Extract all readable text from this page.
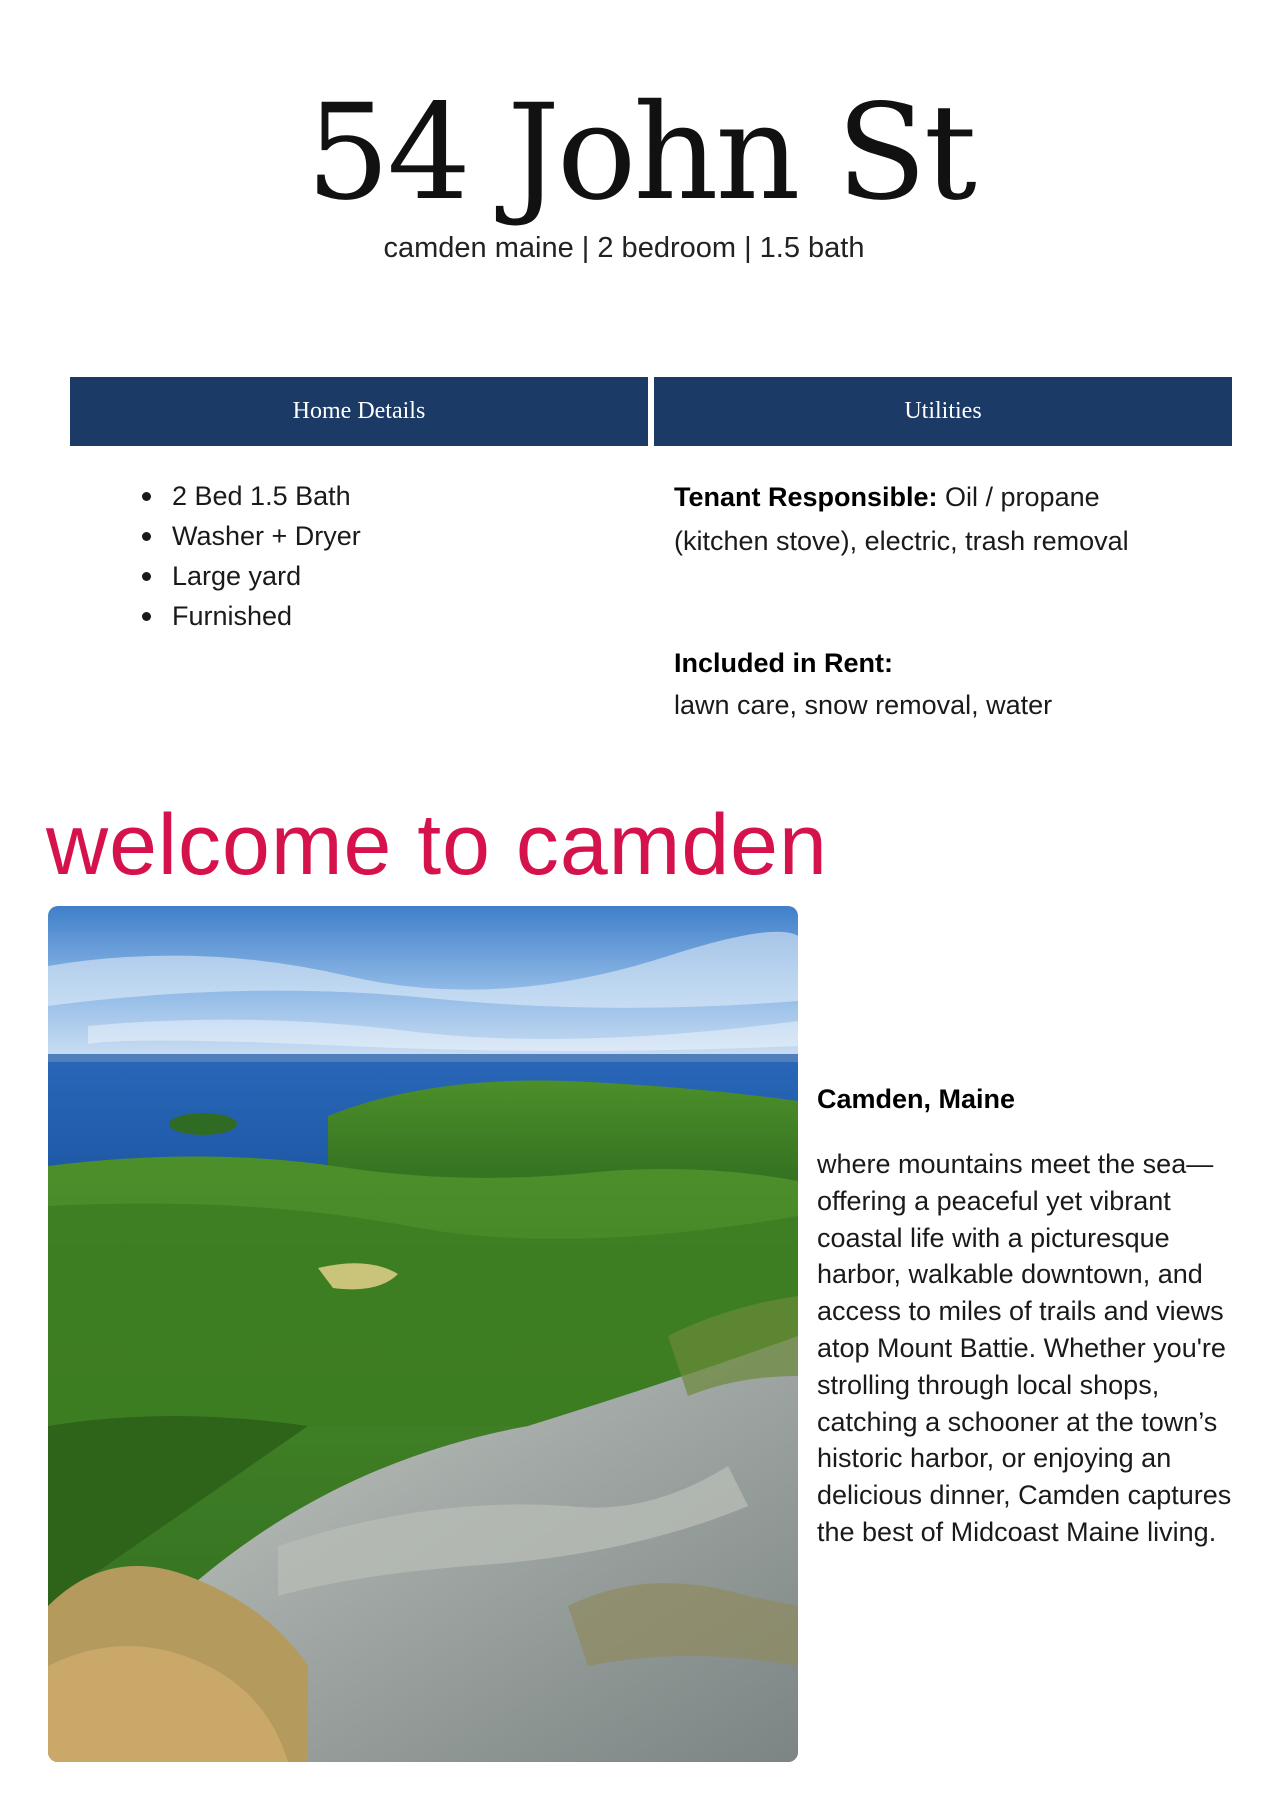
54 John St
camden maine | 2 bedroom | 1.5 bath
Home Details	Utilities
2 Bed 1.5 Bath
Washer + Dryer
Large yard
Furnished
Tenant Responsible: Oil / propane (kitchen stove), electric, trash removal
Included in Rent:
lawn care, snow removal, water
welcome to camden
Camden, Maine
where mountains meet the sea—offering a peaceful yet vibrant coastal life with a picturesque harbor, walkable downtown, and access to miles of trails and views atop Mount Battie. Whether you're strolling through local shops, catching a schooner at the town’s historic harbor, or enjoying an delicious dinner, Camden captures the best of Midcoast Maine living.
